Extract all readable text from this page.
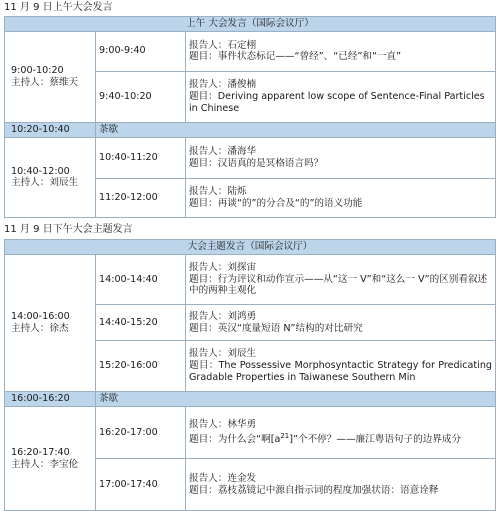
11 月 9 日上午大会发言
上午 大会发言（国际会议厅）		

9:00-10:20
主持人：蔡维天	9:00-9:40	报告人：石定栩
题目：事件状态标记——“曾经”、“已经”和“一直”

	9:40-10:20	报告人：潘俊楠
题目：Deriving apparent low scope of Sentence-Final Particles in Chinese
10:20-10:40	茶歇	

10:40-12:00
主持人：刘辰生	10:40-11:20	报告人：潘海华
题目：汉语真的是冥格语言吗？

	11:20-12:00	报告人：陆烁
题目：再谈“的”的分合及“的”的语义功能
11 月 9 日下午大会主题发言
大会主题发言（国际会议厅）		

14:00-16:00
主持人：徐杰	14:00-14:40	报告人：刘探宙
题目：行为评议和动作宣示——从“这一 V”和“这么一 V”的区别看叙述中的两种主观化
	14:40-15:20	报告人：刘鸿勇
题目：英汉“度量短语 N”结构的对比研究

	15:20-16:00	报告人：刘辰生
题目：The Possessive Morphosyntactic Strategy for Predicating Gradable Properties in Taiwanese Southern Min
16:00-16:20	茶歇	

16:20-17:40
主持人：李宝伦	16:20-17:00	报告人：林华勇
题目：为什么会“啊$[a^{21}]$”个不停？——廉江粤语句子的边界成分
	17:00-17:40	报告人：连金发
题目：荔枝荔镜记中源自指示词的程度加强状语：语意诠释
